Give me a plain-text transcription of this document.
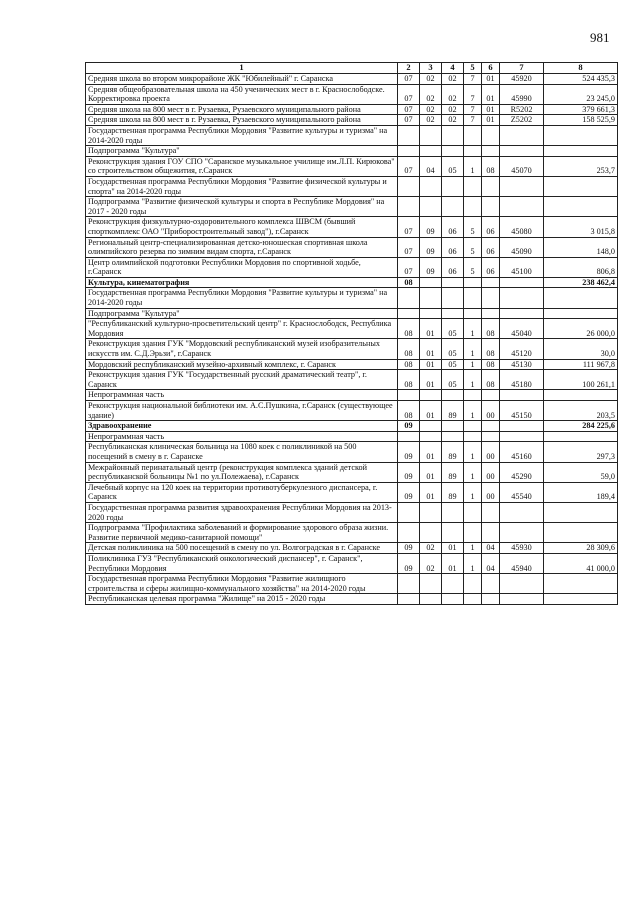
981
1	2	3	4	5	6	7	8
Средняя школа во втором микрорайоне ЖК "Юбилейный" г. Саранска	07	02	02	7	01	45920	524 435,3
Средняя общеобразовательная школа на 450 ученических мест в г. Краснослободске. Корректировка проекта	07	02	02	7	01	45990	23 245,0
Средняя школа на 800 мест в г. Рузаевка, Рузаевского муниципального района	07	02	02	7	01	R5202	379 661,3
Средняя школа на 800 мест в г. Рузаевка, Рузаевского муниципального района	07	02	02	7	01	Z5202	158 525,9
Государственная программа Республики Мордовия "Развитие культуры и туризма" на 2014-2020 годы							
Подпрограмма "Культура"							
Реконструкция здания ГОУ СПО "Саранское музыкальное училище им.Л.П. Кирюкова" со строительством общежития, г.Саранск	07	04	05	1	08	45070	253,7
Государственная программа Республики Мордовия "Развитие физической культуры и спорта" на 2014-2020 годы							
Подпрограмма "Развитие физической культуры и спорта в Республике Мордовия" на 2017 - 2020 годы							
Реконструкция физкультурно-оздоровительного комплекса ШВСМ (бывший спорткомплекс ОАО "Приборостроительный завод"), г.Саранск	07	09	06	5	06	45080	3 015,8
Региональный центр-специализированная детско-юношеская спортивная школа олимпийского резерва по зимним видам спорта, г.Саранск	07	09	06	5	06	45090	148,0
Центр олимпийской подготовки Республики Мордовия по спортивной ходьбе, г.Саранск	07	09	06	5	06	45100	806,8
Культура, кинематография	08						238 462,4
Государственная программа Республики Мордовия "Развитие культуры и туризма" на 2014-2020 годы							
Подпрограмма "Культура"							
"Республиканский культурно-просветительский центр" г. Краснослободск, Республика Мордовия	08	01	05	1	08	45040	26 000,0
Реконструкция здания ГУК "Мордовский республиканский музей изобразительных искусств им. С.Д.Эрьзи", г.Саранск	08	01	05	1	08	45120	30,0
Мордовский республиканский музейно-архивный комплекс, г. Саранск	08	01	05	1	08	45130	111 967,8
Реконструкция здания ГУК "Государственный русский драматический театр", г. Саранск	08	01	05	1	08	45180	100 261,1
Непрограммная часть							
Реконструкция национальной библиотеки им. А.С.Пушкина, г.Саранск (существующее здание)	08	01	89	1	00	45150	203,5
Здравоохранение	09						284 225,6
Непрограммная часть							
Республиканская клиническая больница на 1080 коек с поликлиникой на 500 посещений в смену в г. Саранске	09	01	89	1	00	45160	297,3
Межрайонный перинатальный центр (реконструкция комплекса зданий детской республиканской больницы №1 по ул.Полежаева), г.Саранск	09	01	89	1	00	45290	59,0
Лечебный корпус на 120 коек на территории противотуберкулезного диспансера, г. Саранск	09	01	89	1	00	45540	189,4
Государственная программа развития здравоохранения Республики Мордовия на 2013-2020 годы							
Подпрограмма "Профилактика заболеваний и формирование здорового образа жизни. Развитие первичной медико-санитарной помощи"							
Детская поликлиника на 500 посещений в смену по ул. Волгоградская в г. Саранске	09	02	01	1	04	45930	28 309,6
Поликлиника ГУЗ "Республиканский онкологический диспансер", г. Саранск", Республики Мордовия	09	02	01	1	04	45940	41 000,0
Государственная программа Республики Мордовия "Развитие жилищного строительства и сферы жилищно-коммунального хозяйства" на 2014-2020 годы							
Республиканская целевая программа "Жилище" на 2015 - 2020 годы							
